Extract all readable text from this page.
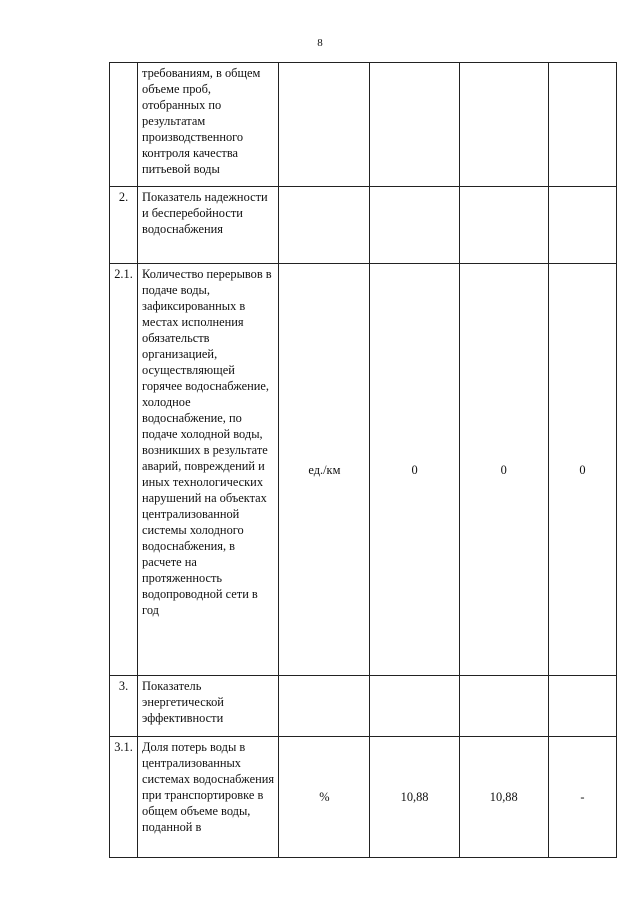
8
	требованиям, в общем объеме проб, отобранных по результатам производственного контроля качества питьевой воды				
2.	Показатель надежности и бесперебойности водоснабжения				
2.1.	Количество перерывов в подаче воды, зафиксированных в местах исполнения обязательств организацией, осуществляющей горячее водоснабжение, холодное водоснабжение, по подаче холодной воды, возникших в результате аварий, повреждений и иных технологических нарушений на объектах централизованной системы холодного водоснабжения, в расчете на протяженность водопроводной сети в год	ед./км	0	0	0
3.	Показатель энергетической эффективности				
3.1.	Доля потерь воды в централизованных системах водоснабжения при транспортировке в общем объеме воды, поданной в	%	10,88	10,88	-
